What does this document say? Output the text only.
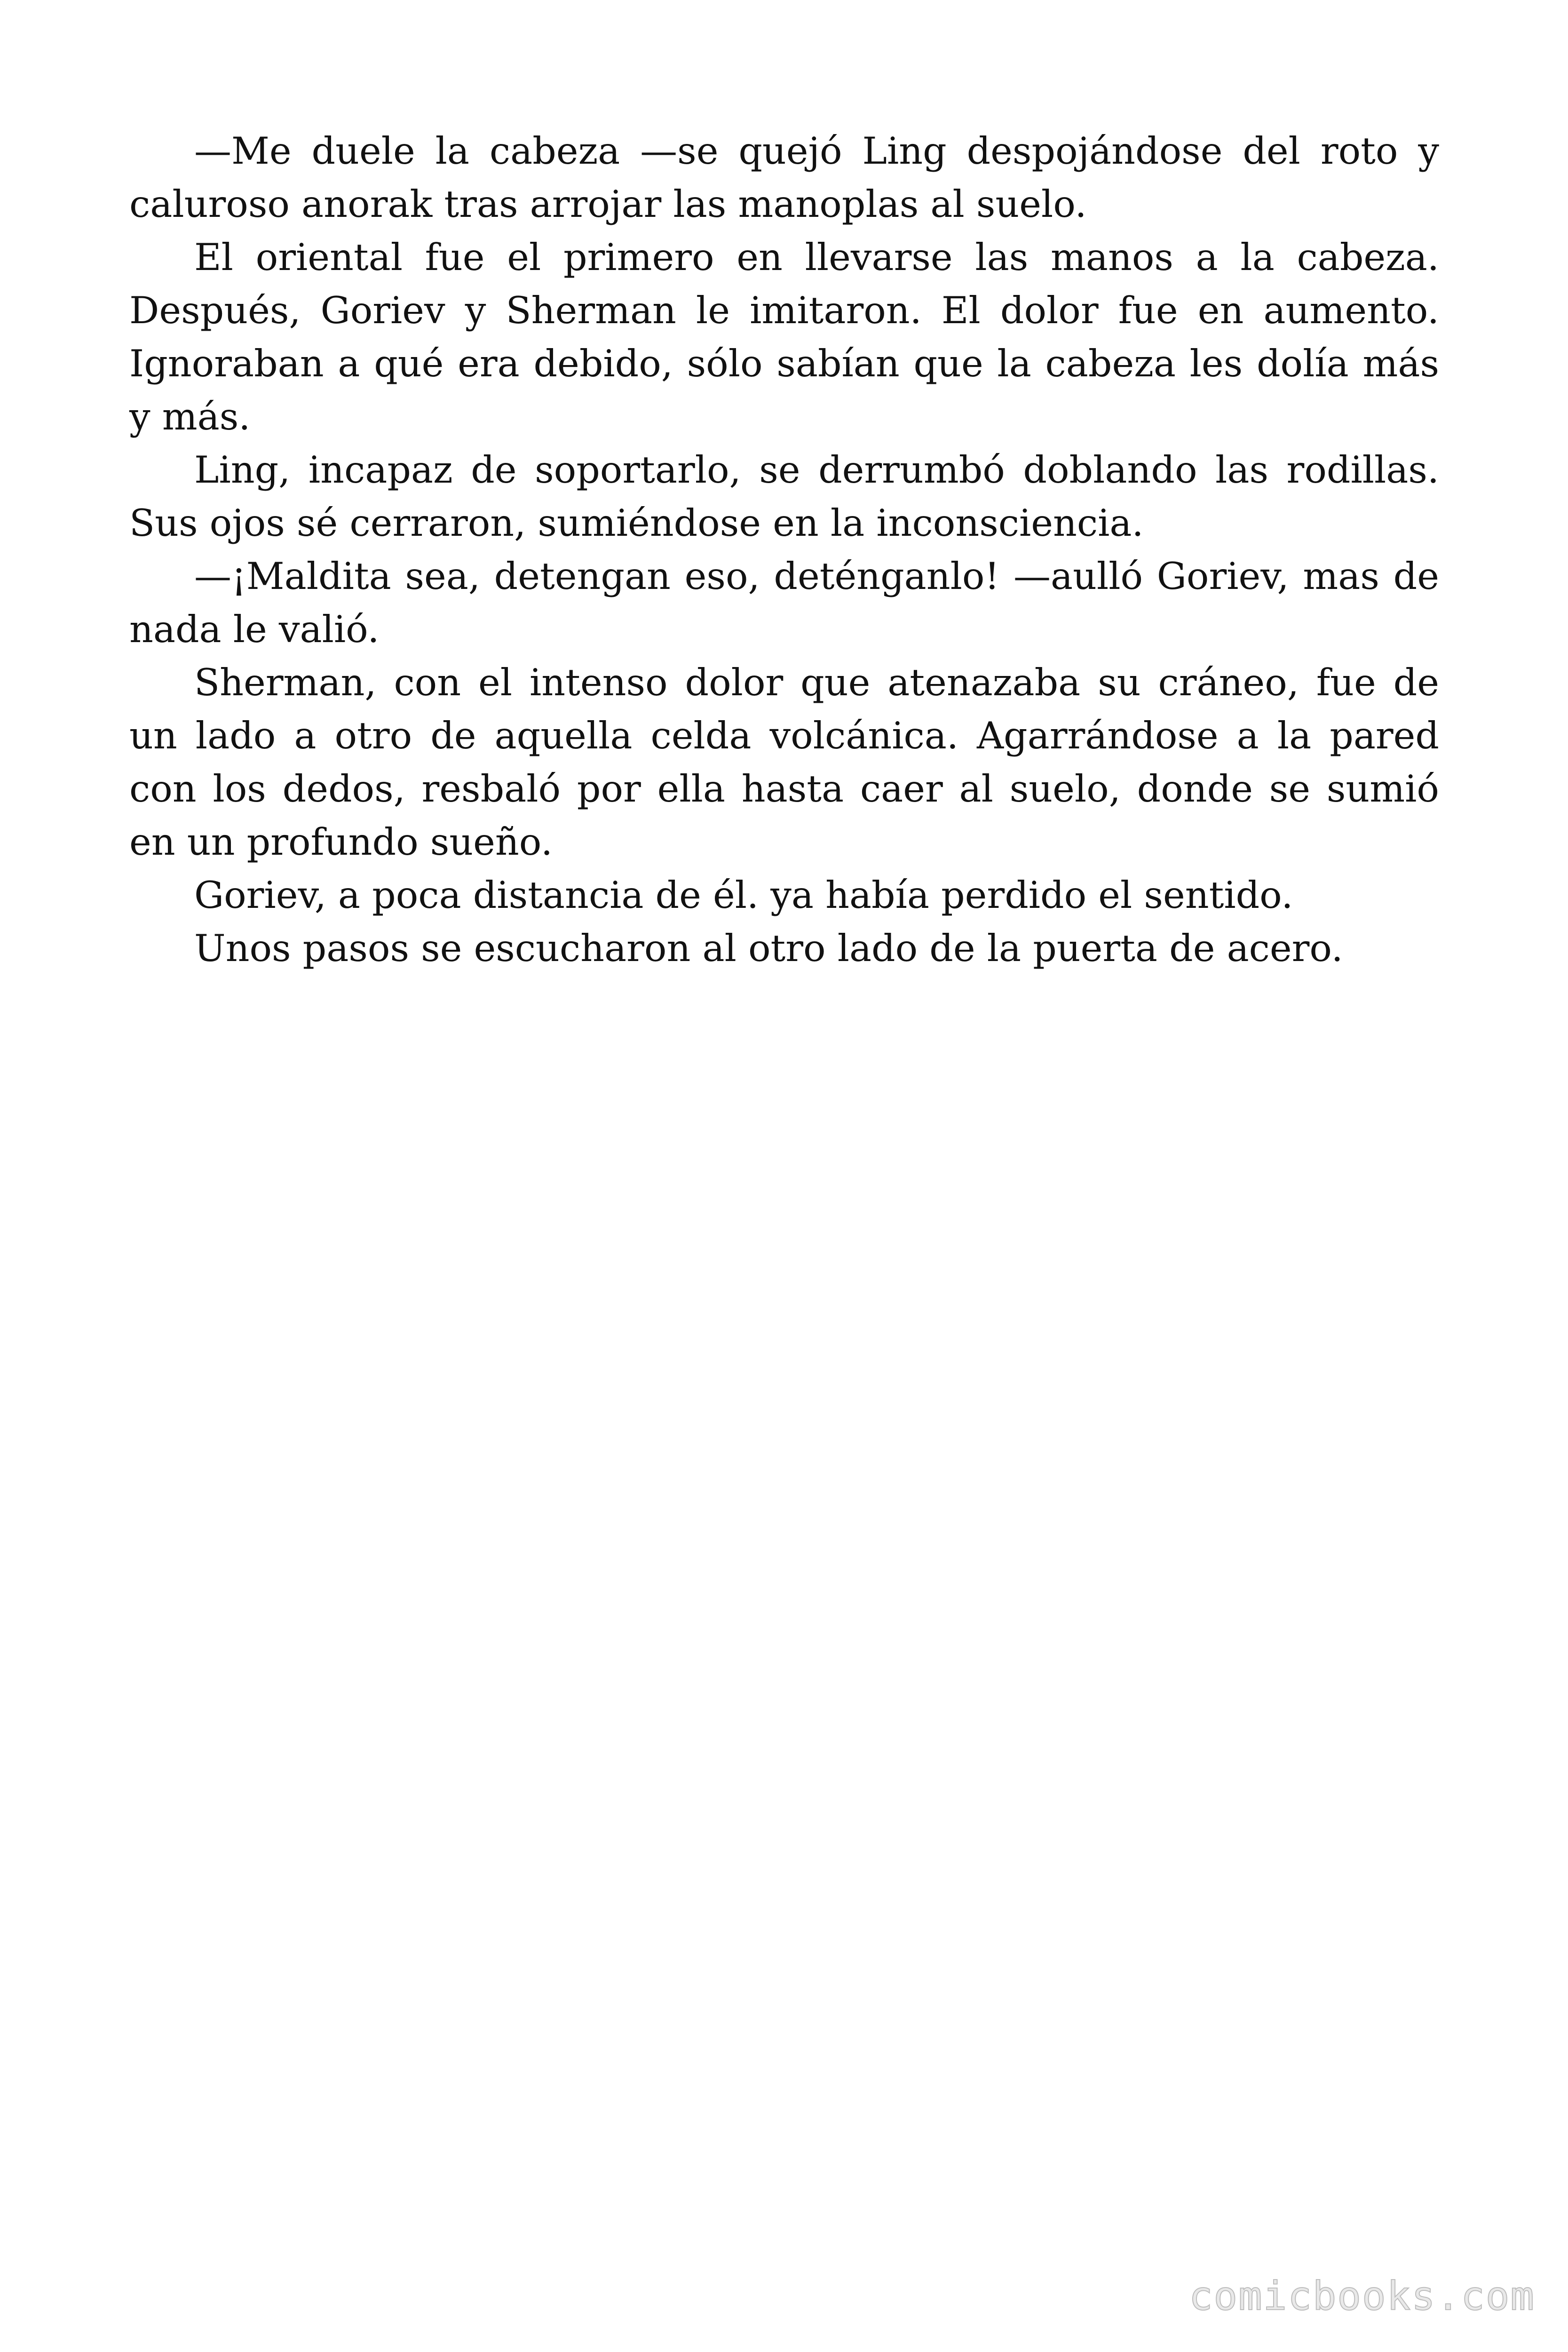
—Me duele la cabeza —se quejó Ling despojándose del roto y caluroso anorak tras arrojar las manoplas al suelo.

El oriental fue el primero en llevarse las manos a la cabeza. Después, Goriev y Sherman le imitaron. El dolor fue en aumento. Ignoraban a qué era debido, sólo sabían que la cabeza les dolía más y más.

Ling, incapaz de soportarlo, se derrumbó doblando las rodillas. Sus ojos sé cerraron, sumiéndose en la inconsciencia.

—¡Maldita sea, detengan eso, deténganlo! —aulló Goriev, mas de nada le valió.

Sherman, con el intenso dolor que atenazaba su cráneo, fue de un lado a otro de aquella celda volcánica. Agarrándose a la pared con los dedos, resbaló por ella hasta caer al suelo, donde se sumió en un profundo sueño.

Goriev, a poca distancia de él. ya había perdido el sentido.

Unos pasos se escucharon al otro lado de la puerta de acero.

comicbooks.com
